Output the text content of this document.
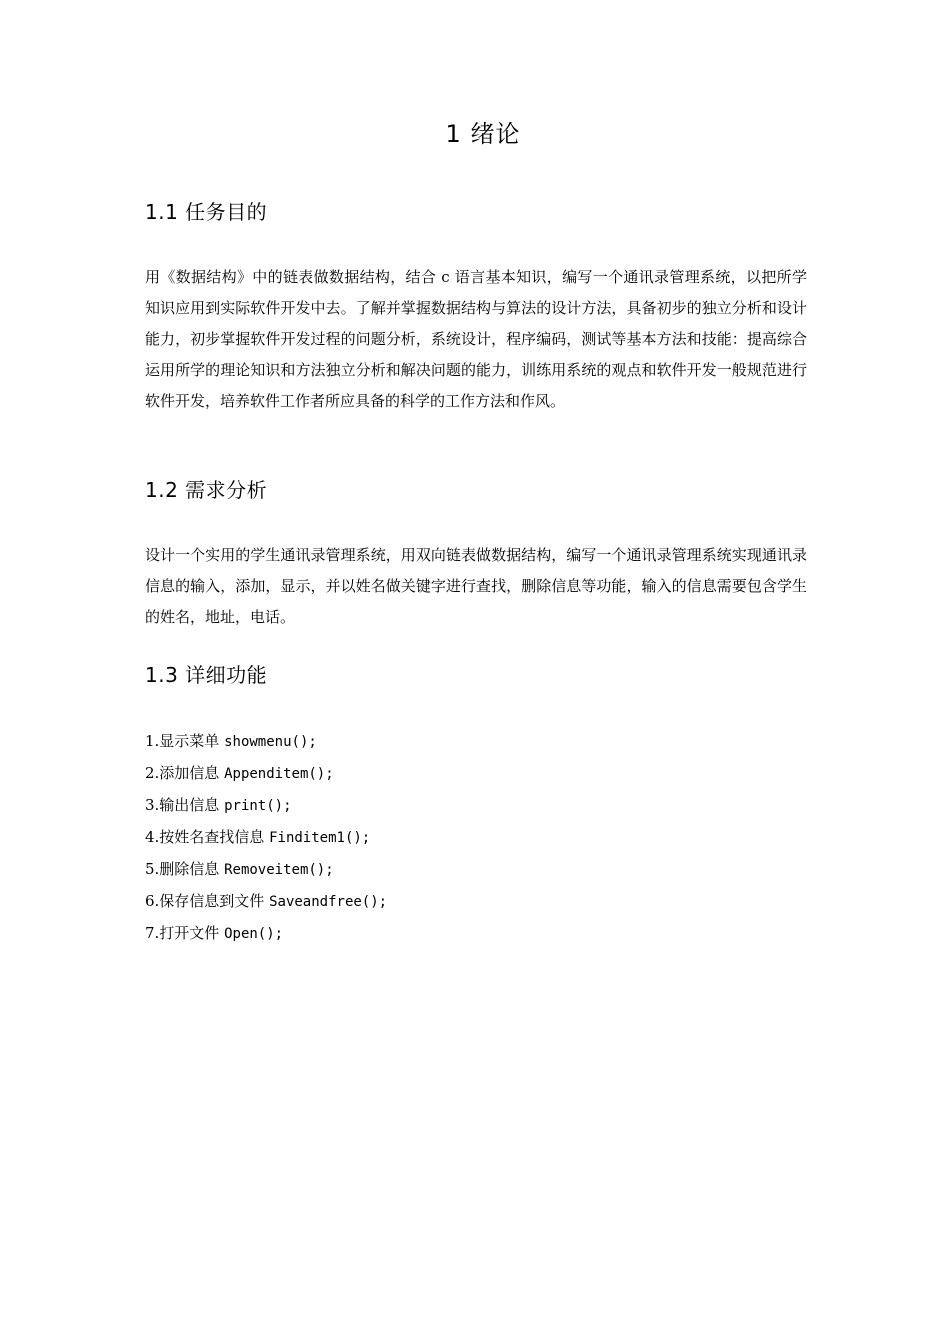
1 绪论
1.1 任务目的

用《数据结构》中的链表做数据结构，结合 c 语言基本知识，编写一个通讯录管理系统，以把所学知识应用到实际软件开发中去。了解并掌握数据结构与算法的设计方法，具备初步的独立分析和设计能力，初步掌握软件开发过程的问题分析，系统设计，程序编码，测试等基本方法和技能：提高综合运用所学的理论知识和方法独立分析和解决问题的能力，训练用系统的观点和软件开发一般规范进行软件开发，培养软件工作者所应具备的科学的工作方法和作风。

1.2 需求分析

设计一个实用的学生通讯录管理系统，用双向链表做数据结构，编写一个通讯录管理系统实现通讯录信息的输入，添加，显示，并以姓名做关键字进行查找，删除信息等功能，输入的信息需要包含学生的姓名，地址，电话。

1.3 详细功能
1.显示菜单 showmenu();
2.添加信息 Appenditem();
3.输出信息 print();
4.按姓名查找信息 Finditem1();
5.删除信息 Removeitem();
6.保存信息到文件 Saveandfree();
7.打开文件 Open();
